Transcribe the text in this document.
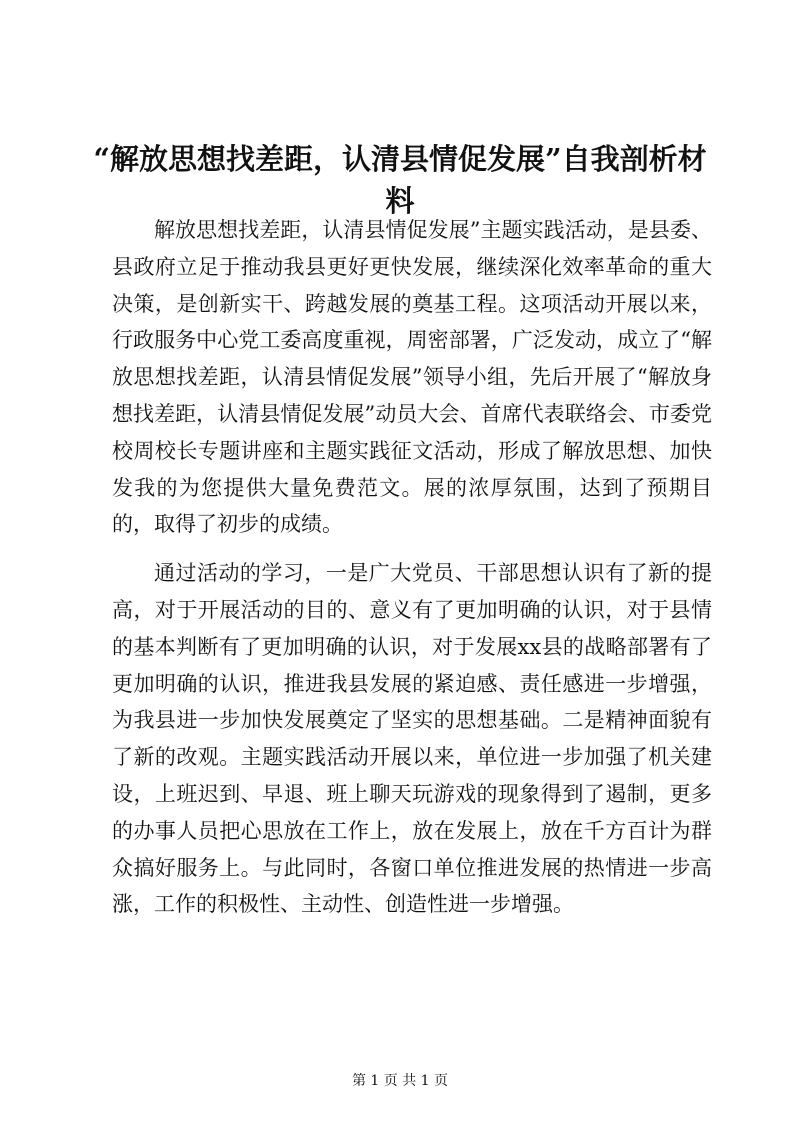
“解放思想找差距，认清县情促发展”自我剖析材料

解放思想找差距，认清县情促发展”主题实践活动，是县委、县政府立足于推动我县更好更快发展，继续深化效率革命的重大决策，是创新实干、跨越发展的奠基工程。这项活动开展以来，行政服务中心党工委高度重视，周密部署，广泛发动，成立了“解放思想找差距，认清县情促发展”领导小组，先后开展了“解放身想找差距，认清县情促发展”动员大会、首席代表联络会、市委党校周校长专题讲座和主题实践征文活动，形成了解放思想、加快发我的为您提供大量免费范文。展的浓厚氛围，达到了预期目的，取得了初步的成绩。

通过活动的学习，一是广大党员、干部思想认识有了新的提高，对于开展活动的目的、意义有了更加明确的认识，对于县情的基本判断有了更加明确的认识，对于发展xx县的战略部署有了更加明确的认识，推进我县发展的紧迫感、责任感进一步增强，为我县进一步加快发展奠定了坚实的思想基础。二是精神面貌有了新的改观。主题实践活动开展以来，单位进一步加强了机关建设，上班迟到、早退、班上聊天玩游戏的现象得到了遏制，更多的办事人员把心思放在工作上，放在发展上，放在千方百计为群众搞好服务上。与此同时，各窗口单位推进发展的热情进一步高涨，工作的积极性、主动性、创造性进一步增强。

第 1 页 共 1 页
